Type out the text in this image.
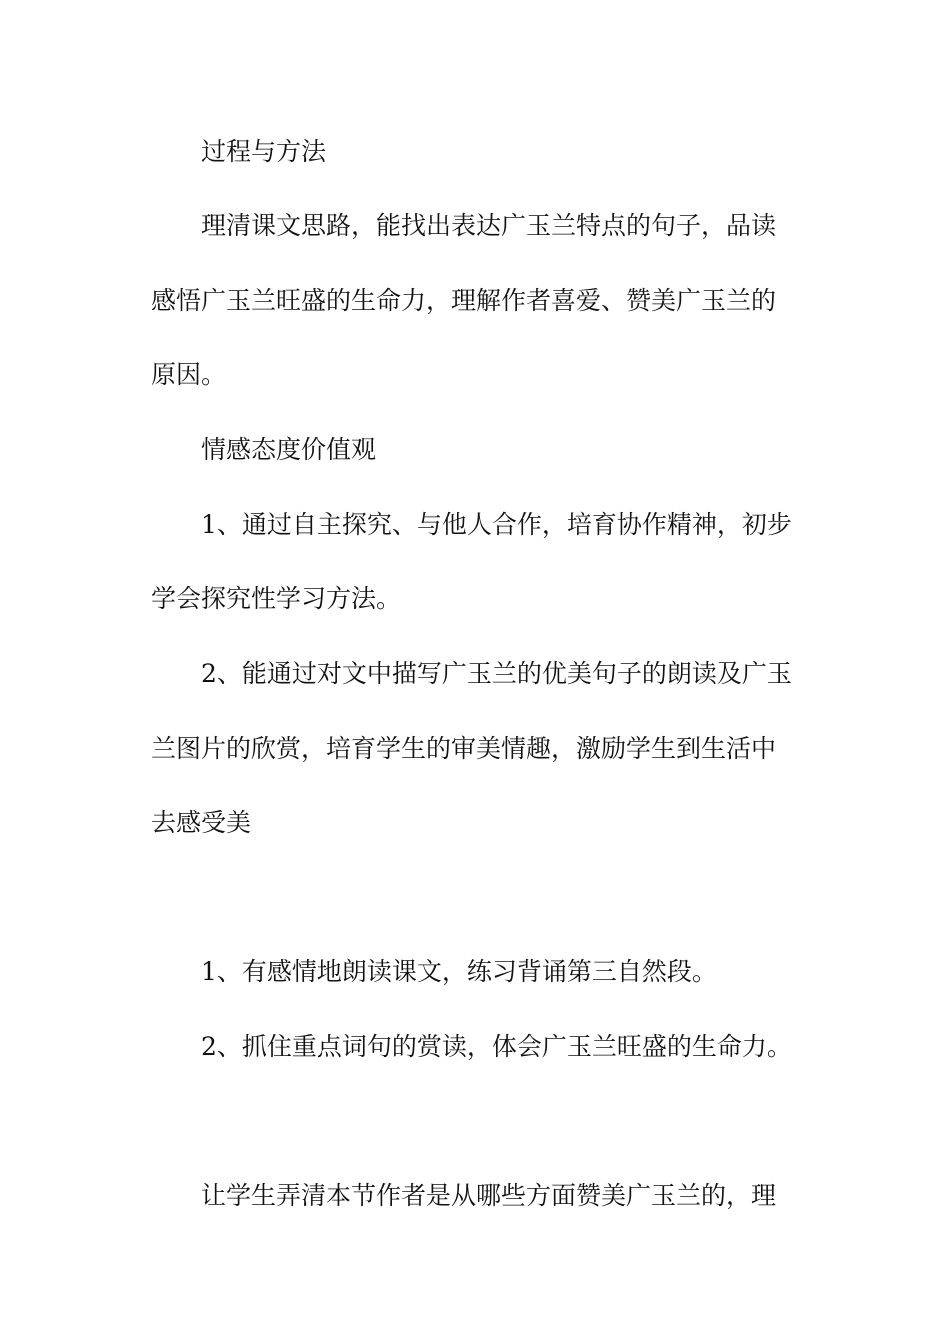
过程与方法
理清课文思路，能找出表达广玉兰特点的句子，品读
感悟广玉兰旺盛的生命力，理解作者喜爱、赞美广玉兰的
原因。
情感态度价值观
1、通过自主探究、与他人合作，培育协作精神，初步
学会探究性学习方法。
2、能通过对文中描写广玉兰的优美句子的朗读及广玉
兰图片的欣赏，培育学生的审美情趣，激励学生到生活中
去感受美
1、有感情地朗读课文，练习背诵第三自然段。
2、抓住重点词句的赏读，体会广玉兰旺盛的生命力。
让学生弄清本节作者是从哪些方面赞美广玉兰的，理
